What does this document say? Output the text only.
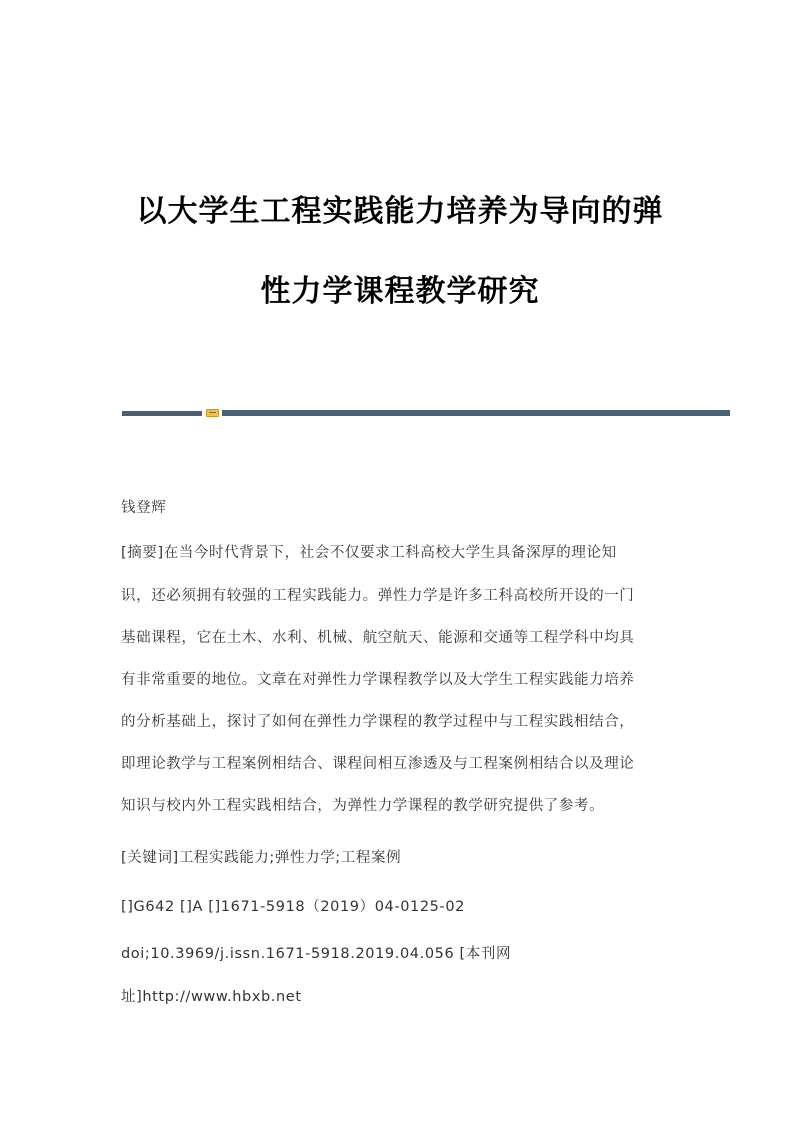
以大学生工程实践能力培养为导向的弹
性力学课程教学研究
钱登辉
[摘要]在当今时代背景下，社会不仅要求工科高校大学生具备深厚的理论知
识，还必须拥有较强的工程实践能力。弹性力学是许多工科高校所开设的一门
基础课程，它在土木、水利、机械、航空航天、能源和交通等工程学科中均具
有非常重要的地位。文章在对弹性力学课程教学以及大学生工程实践能力培养
的分析基础上，探讨了如何在弹性力学课程的教学过程中与工程实践相结合，
即理论教学与工程案例相结合、课程间相互渗透及与工程案例相结合以及理论
知识与校内外工程实践相结合，为弹性力学课程的教学研究提供了参考。
[关键词]工程实践能力;弹性力学;工程案例
[]G642 []A []1671-5918（2019）04-0125-02
doi;10.3969/j.issn.1671-5918.2019.04.056 [本刊网
址]http://www.hbxb.net
